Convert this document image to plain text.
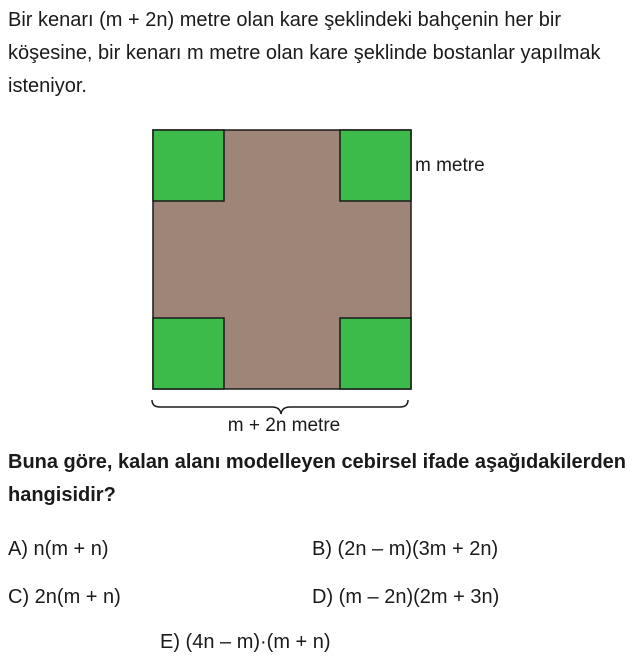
Bir kenarı (m + 2n) metre olan kare şeklindeki bahçenin her bir köşesine, bir kenarı m metre olan kare şeklinde bostanlar yapılmak isteniyor.

m metre
m + 2n metre

Buna göre, kalan alanı modelleyen cebirsel ifade aşağıdakilerden hangisidir?

A) n(m + n)	B) (2n – m)(3m + 2n)
C) 2n(m + n)	D) (m – 2n)(2m + 3n)
E) (4n – m)·(m + n)
